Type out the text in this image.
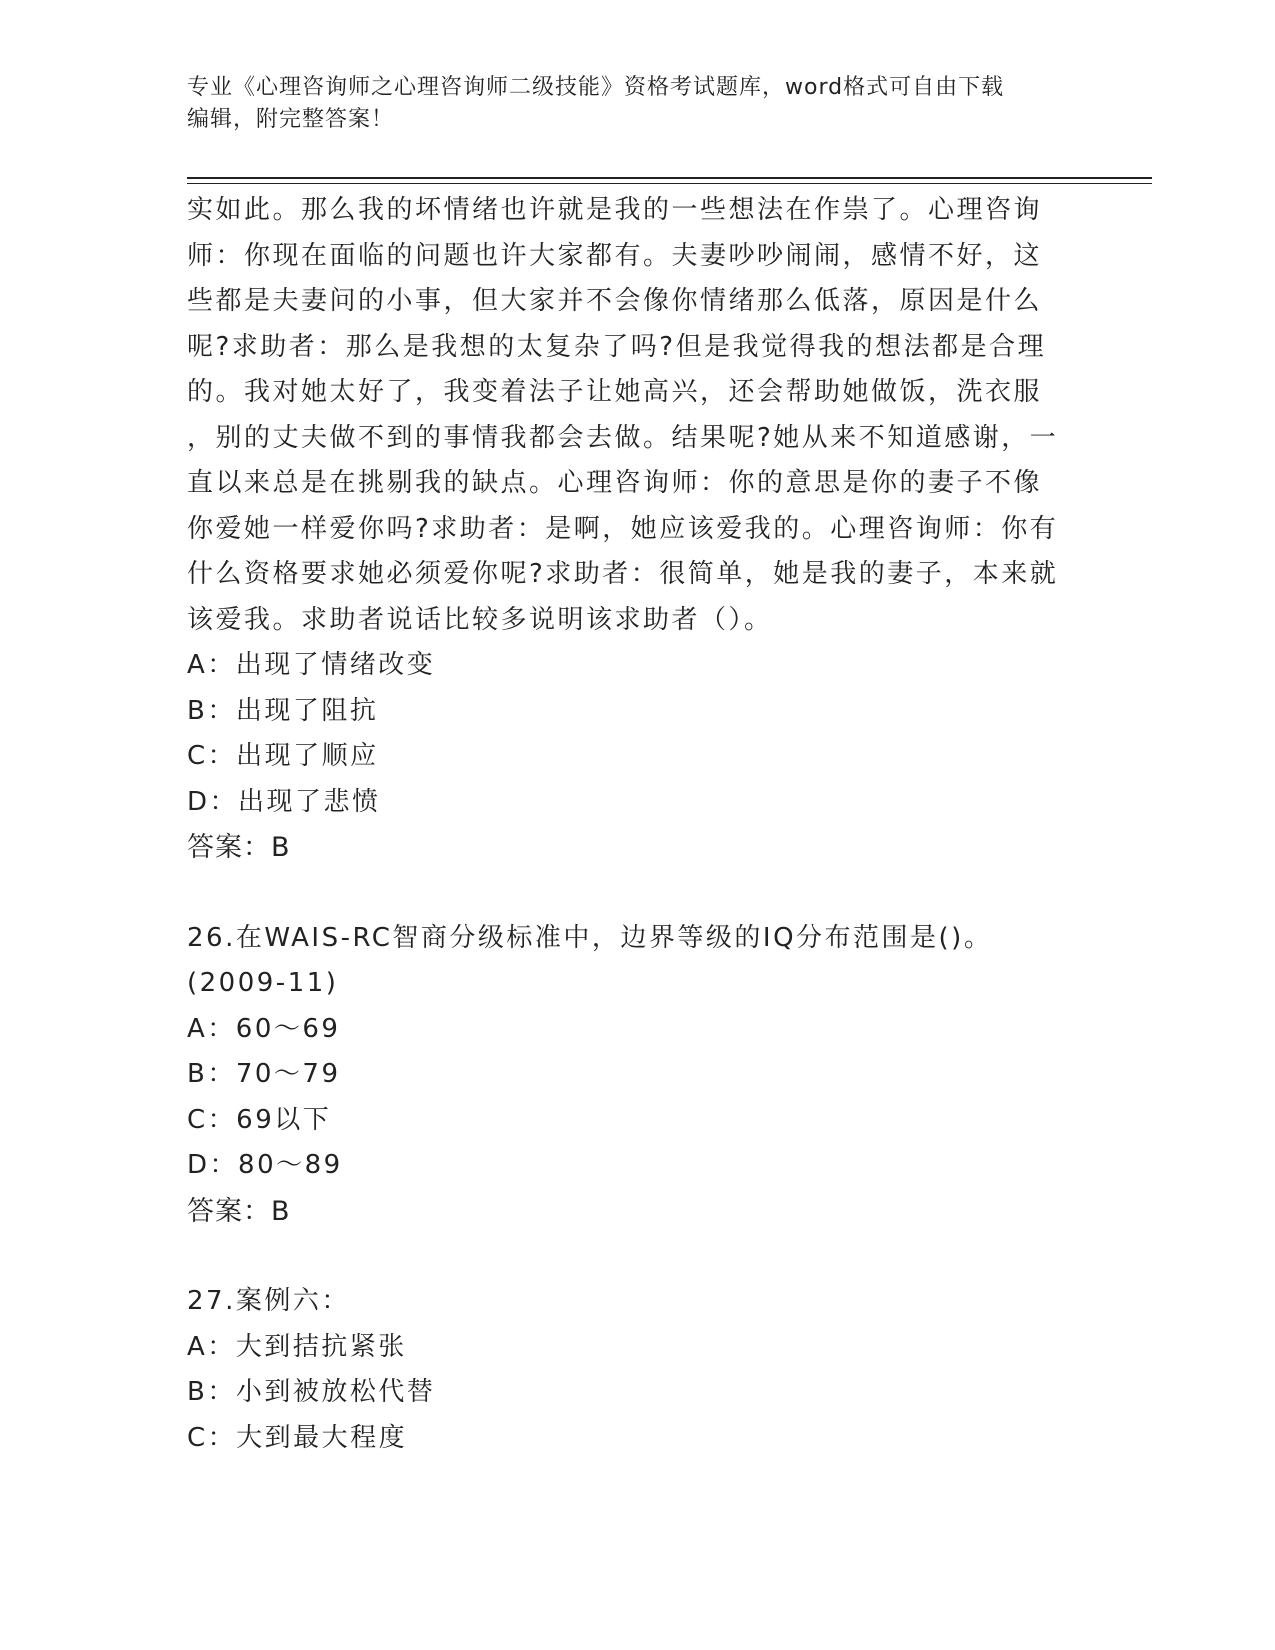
专业《心理咨询师之心理咨询师二级技能》资格考试题库，word格式可自由下载
编辑，附完整答案！
实如此。那么我的坏情绪也许就是我的一些想法在作祟了。心理咨询
师：你现在面临的问题也许大家都有。夫妻吵吵闹闹，感情不好，这
些都是夫妻问的小事，但大家并不会像你情绪那么低落，原因是什么
呢?求助者：那么是我想的太复杂了吗?但是我觉得我的想法都是合理
的。我对她太好了，我变着法子让她高兴，还会帮助她做饭，洗衣服
，别的丈夫做不到的事情我都会去做。结果呢?她从来不知道感谢，一
直以来总是在挑剔我的缺点。心理咨询师：你的意思是你的妻子不像
你爱她一样爱你吗?求助者：是啊，她应该爱我的。心理咨询师：你有
什么资格要求她必须爱你呢?求助者：很简单，她是我的妻子，本来就
该爱我。求助者说话比较多说明该求助者（）。
A：出现了情绪改变
B：出现了阻抗
C：出现了顺应
D：出现了悲愤
答案：B
26.在WAIS-RC智商分级标准中，边界等级的IQ分布范围是()。
(2009-11)
A：60～69
B：70～79
C：69以下
D：80～89
答案：B
27.案例六：
A：大到拮抗紧张
B：小到被放松代替
C：大到最大程度
